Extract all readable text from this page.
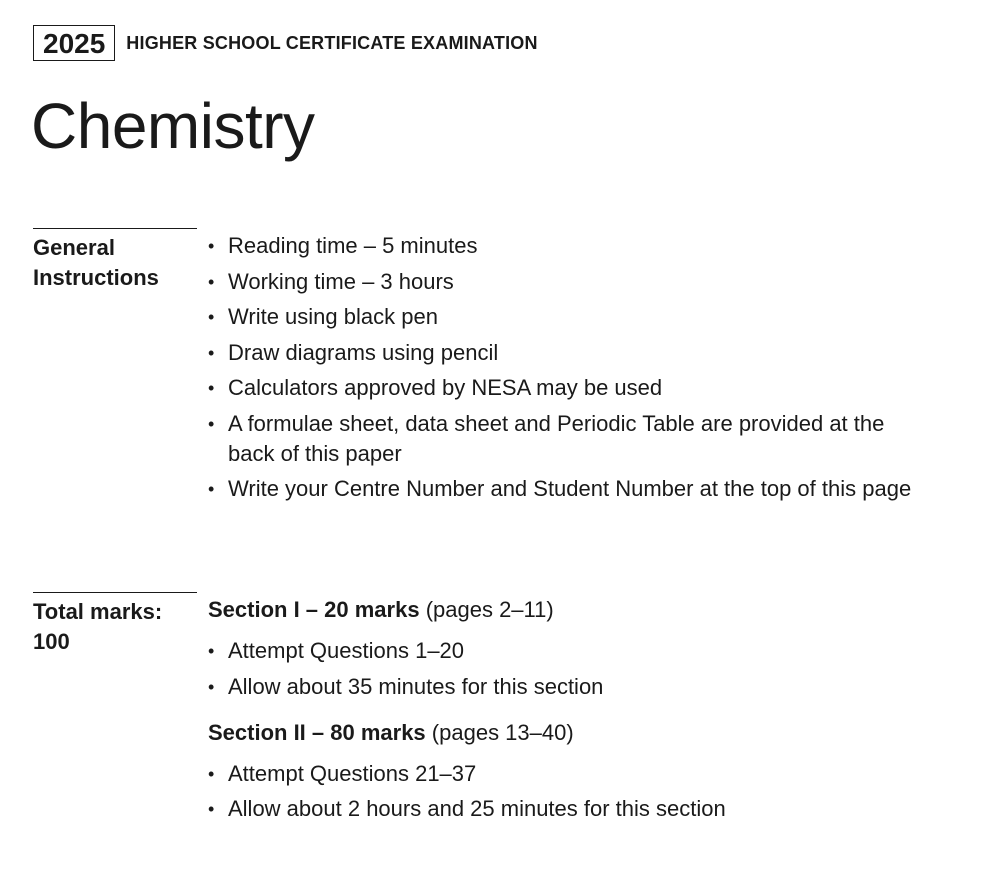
2025	HIGHER SCHOOL CERTIFICATE EXAMINATION
Chemistry
General Instructions
• Reading time – 5 minutes
• Working time – 3 hours
• Write using black pen
• Draw diagrams using pencil
• Calculators approved by NESA may be used
• A formulae sheet, data sheet and Periodic Table are provided at the back of this paper
• Write your Centre Number and Student Number at the top of this page
Total marks: 100
Section I – 20 marks (pages 2–11)
• Attempt Questions 1–20
• Allow about 35 minutes for this section
Section II – 80 marks (pages 13–40)
• Attempt Questions 21–37
• Allow about 2 hours and 25 minutes for this section
